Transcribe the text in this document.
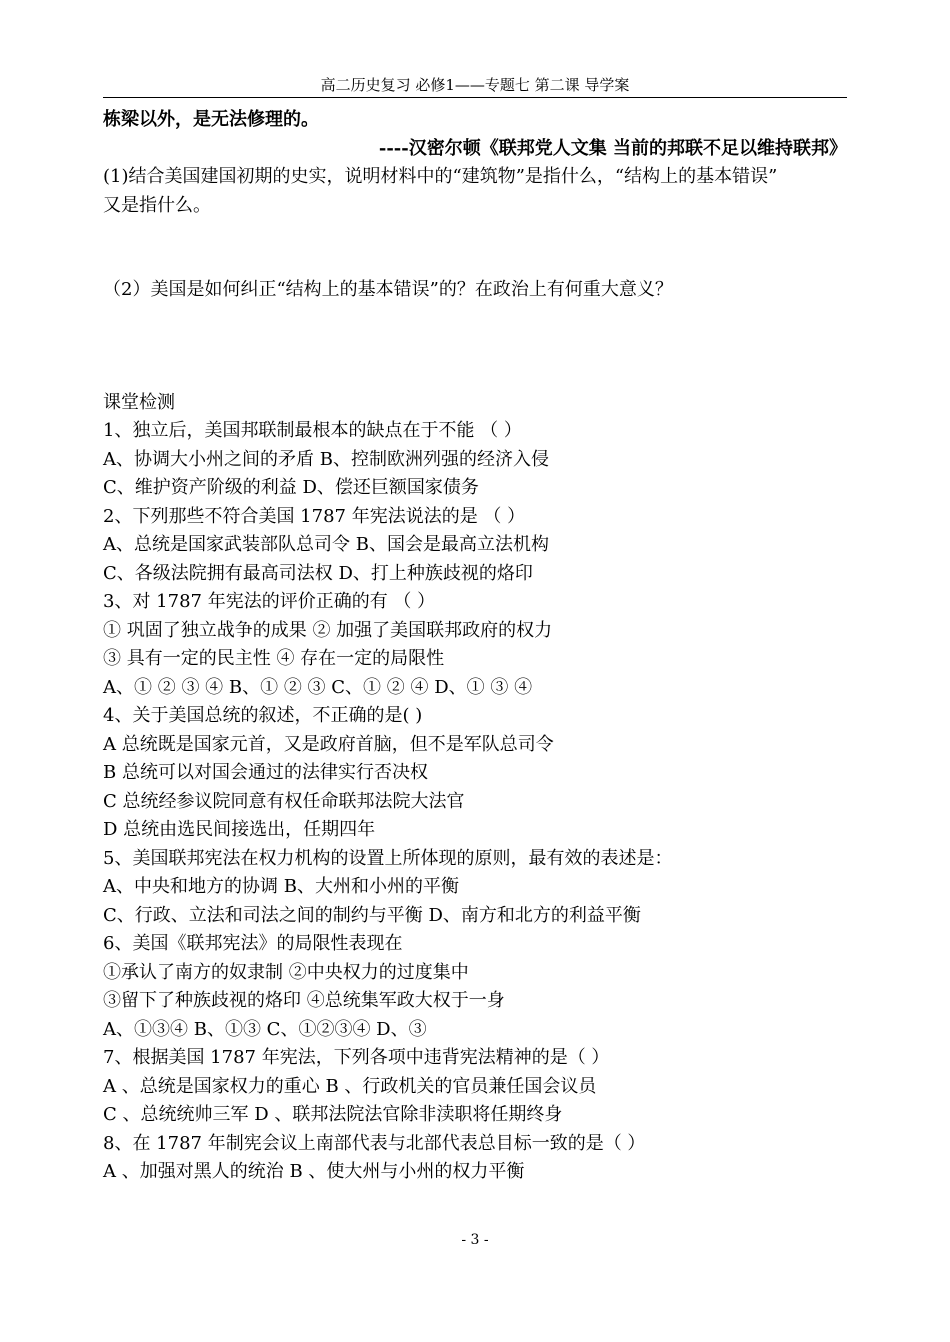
高二历史复习 必修1——专题七 第二课 导学案
栋梁以外，是无法修理的。
----汉密尔顿《联邦党人文集 当前的邦联不足以维持联邦》
(1)结合美国建国初期的史实，说明材料中的“建筑物”是指什么，“结构上的基本错误”
又是指什么。
（2）美国是如何纠正“结构上的基本错误”的？在政治上有何重大意义？
课堂检测
1、独立后，美国邦联制最根本的缺点在于不能 （ ）
A、协调大小州之间的矛盾 B、控制欧洲列强的经济入侵
C、维护资产阶级的利益 D、偿还巨额国家债务
2、下列那些不符合美国 1787 年宪法说法的是 （ ）
A、总统是国家武装部队总司令 B、国会是最高立法机构
C、各级法院拥有最高司法权 D、打上种族歧视的烙印
3、对 1787 年宪法的评价正确的有 （ ）
① 巩固了独立战争的成果 ② 加强了美国联邦政府的权力
③ 具有一定的民主性 ④ 存在一定的局限性
A、① ② ③ ④ B、① ② ③ C、① ② ④ D、① ③ ④
4、关于美国总统的叙述，不正确的是( )
A 总统既是国家元首，又是政府首脑，但不是军队总司令
B 总统可以对国会通过的法律实行否决权
C 总统经参议院同意有权任命联邦法院大法官
D 总统由选民间接选出，任期四年
5、美国联邦宪法在权力机构的设置上所体现的原则，最有效的表述是：
A、中央和地方的协调 B、大州和小州的平衡
C、行政、立法和司法之间的制约与平衡 D、南方和北方的利益平衡
6、美国《联邦宪法》的局限性表现在
①承认了南方的奴隶制 ②中央权力的过度集中
③留下了种族歧视的烙印 ④总统集军政大权于一身
A、①③④ B、①③ C、①②③④ D、③
7、根据美国 1787 年宪法，下列各项中违背宪法精神的是（ ）
A 、总统是国家权力的重心 B 、行政机关的官员兼任国会议员
C 、总统统帅三军 D 、联邦法院法官除非渎职将任期终身
8、在 1787 年制宪会议上南部代表与北部代表总目标一致的是（ ）
A 、加强对黑人的统治 B 、使大州与小州的权力平衡
- 3 -
